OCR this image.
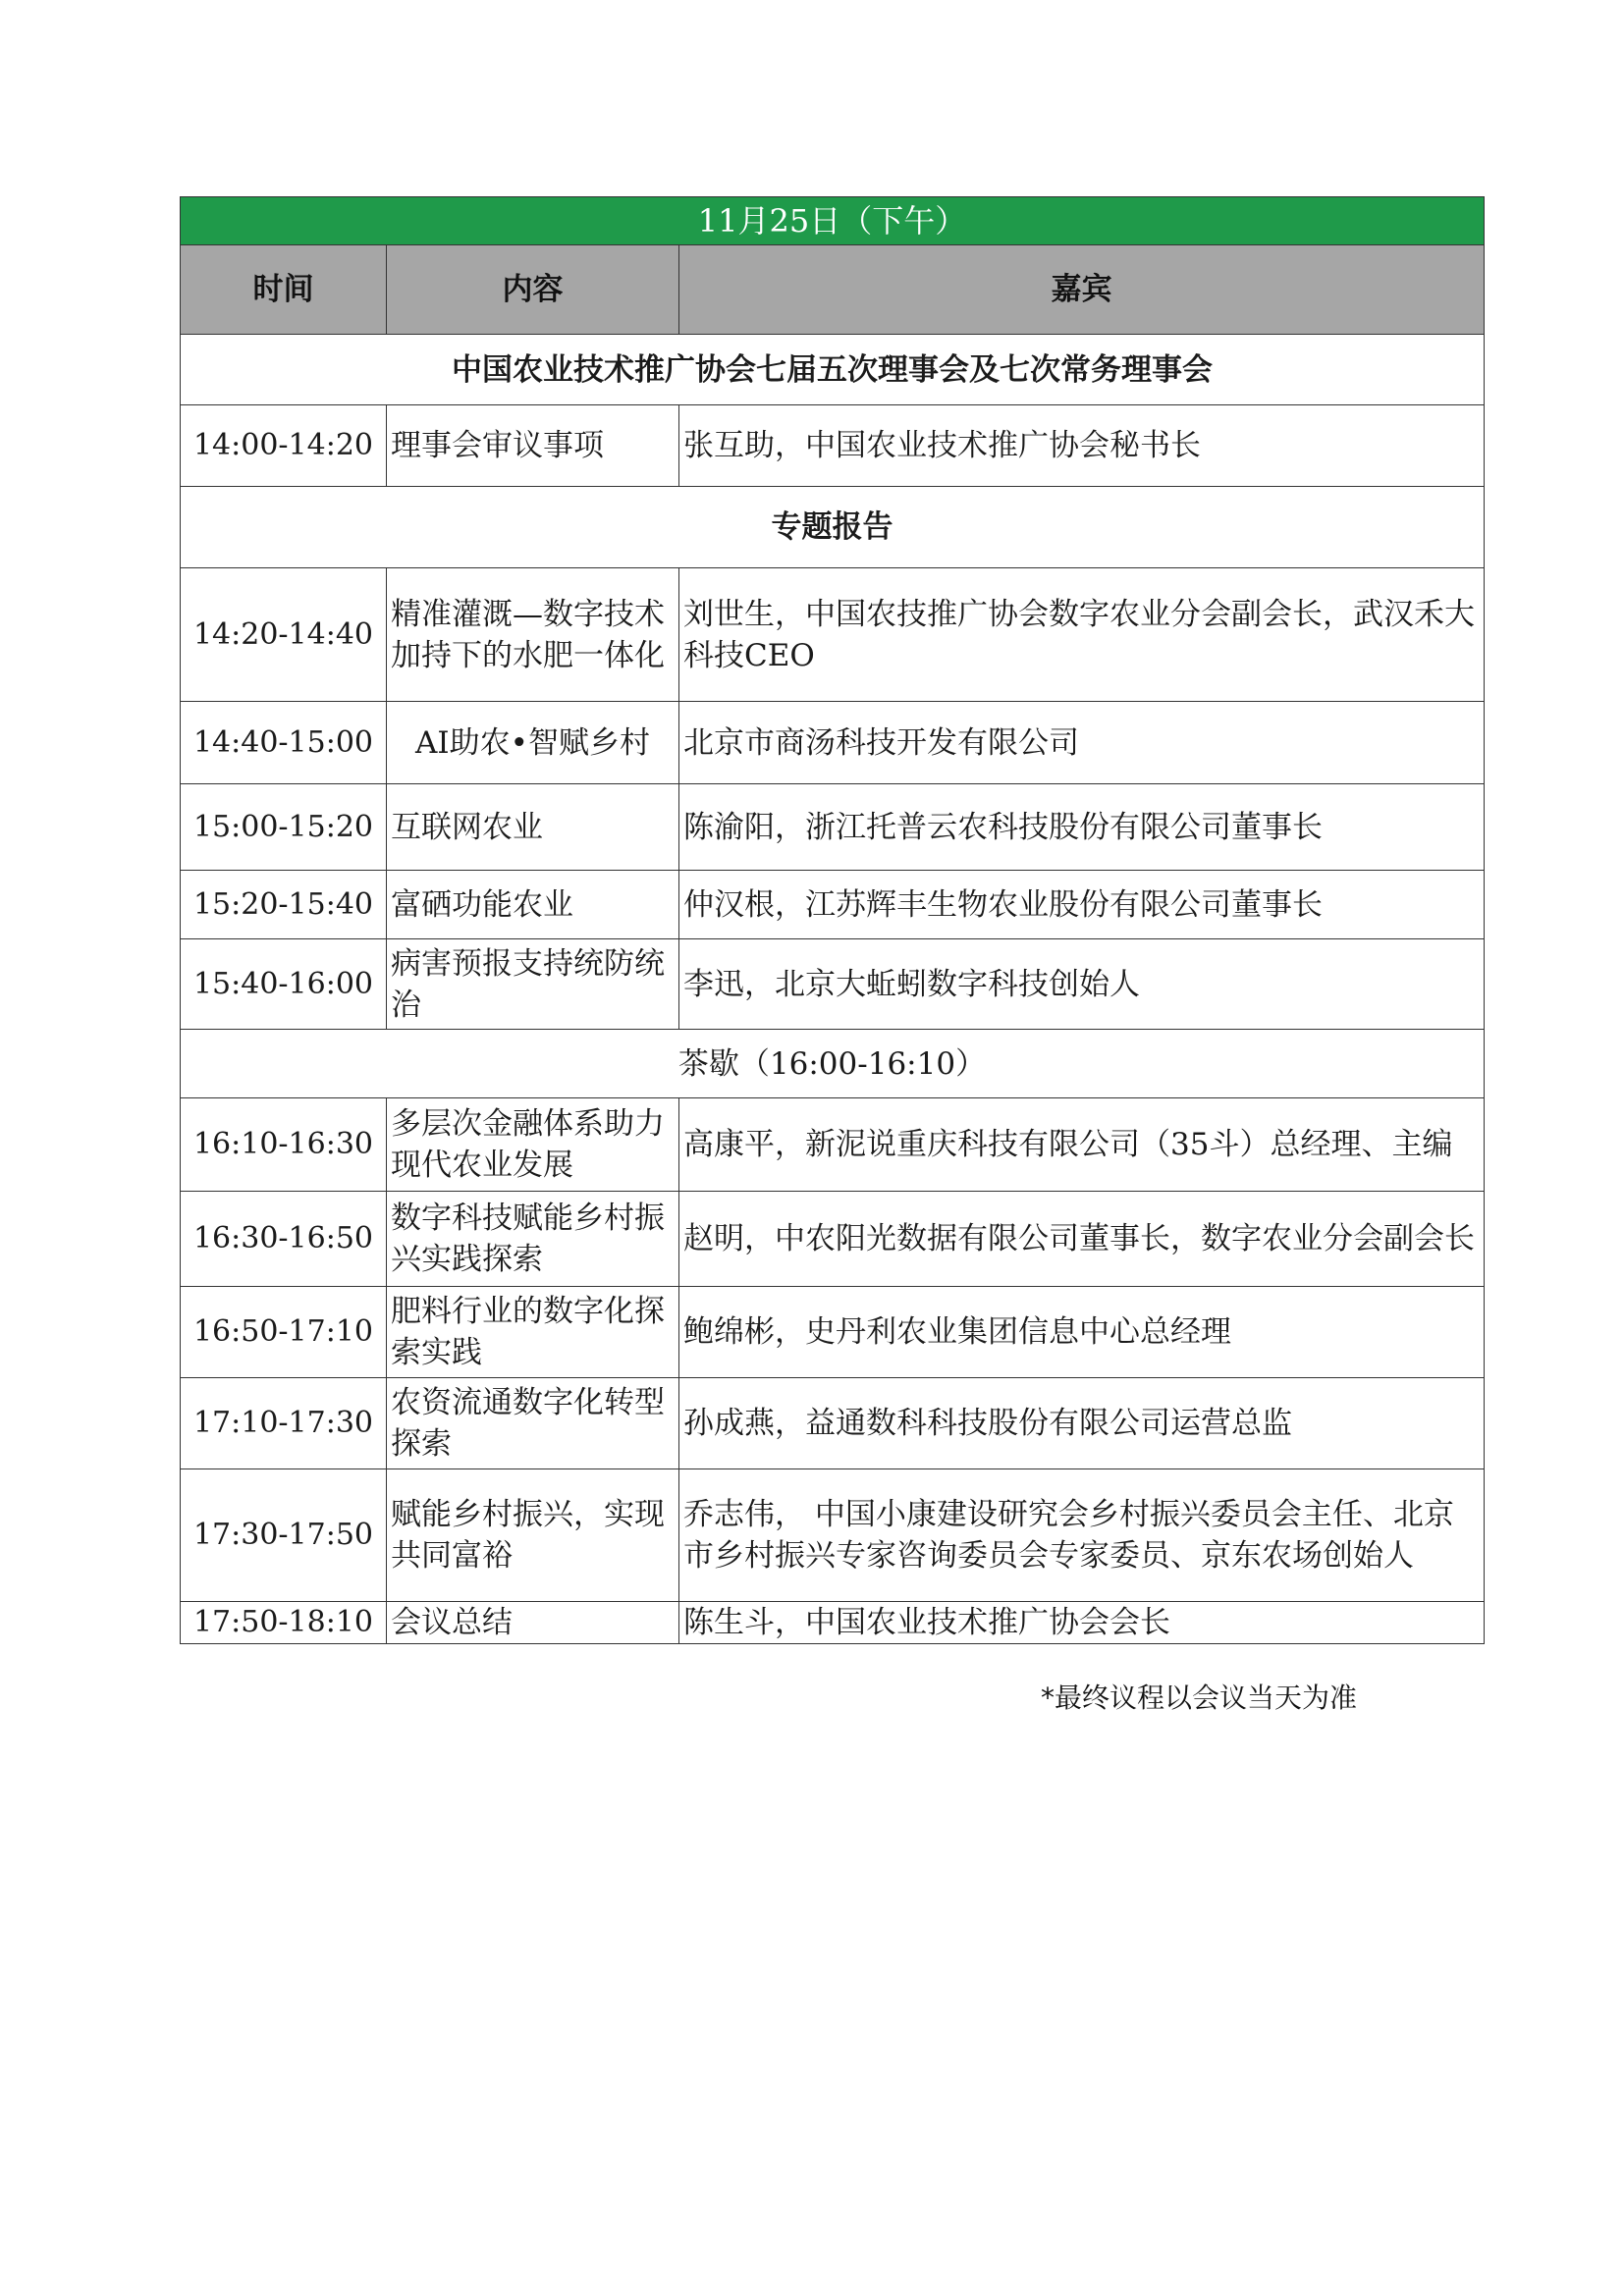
11月25日（下午）		
时间	内容	嘉宾
中国农业技术推广协会七届五次理事会及七次常务理事会		
14:00-14:20	理事会审议事项	张互助，中国农业技术推广协会秘书长
专题报告		
14:20-14:40	精准灌溉—数字技术加持下的水肥一体化	刘世生，中国农技推广协会数字农业分会副会长，武汉禾大科技CEO
14:40-15:00	AI助农•智赋乡村	北京市商汤科技开发有限公司
15:00-15:20	互联网农业	陈渝阳，浙江托普云农科技股份有限公司董事长
15:20-15:40	富硒功能农业	仲汉根，江苏辉丰生物农业股份有限公司董事长
15:40-16:00	病害预报支持统防统治	李迅，北京大蚯蚓数字科技创始人
茶歇（16:00-16:10）		
16:10-16:30	多层次金融体系助力现代农业发展	高康平，新泥说重庆科技有限公司（35斗）总经理、主编
16:30-16:50	数字科技赋能乡村振兴实践探索	赵明，中农阳光数据有限公司董事长，数字农业分会副会长
16:50-17:10	肥料行业的数字化探索实践	鲍绵彬，史丹利农业集团信息中心总经理
17:10-17:30	农资流通数字化转型探索	孙成燕，益通数科科技股份有限公司运营总监
17:30-17:50	赋能乡村振兴，实现共同富裕	乔志伟， 中国小康建设研究会乡村振兴委员会主任、北京市乡村振兴专家咨询委员会专家委员、京东农场创始人
17:50-18:10	会议总结	陈生斗，中国农业技术推广协会会长
*最终议程以会议当天为准
